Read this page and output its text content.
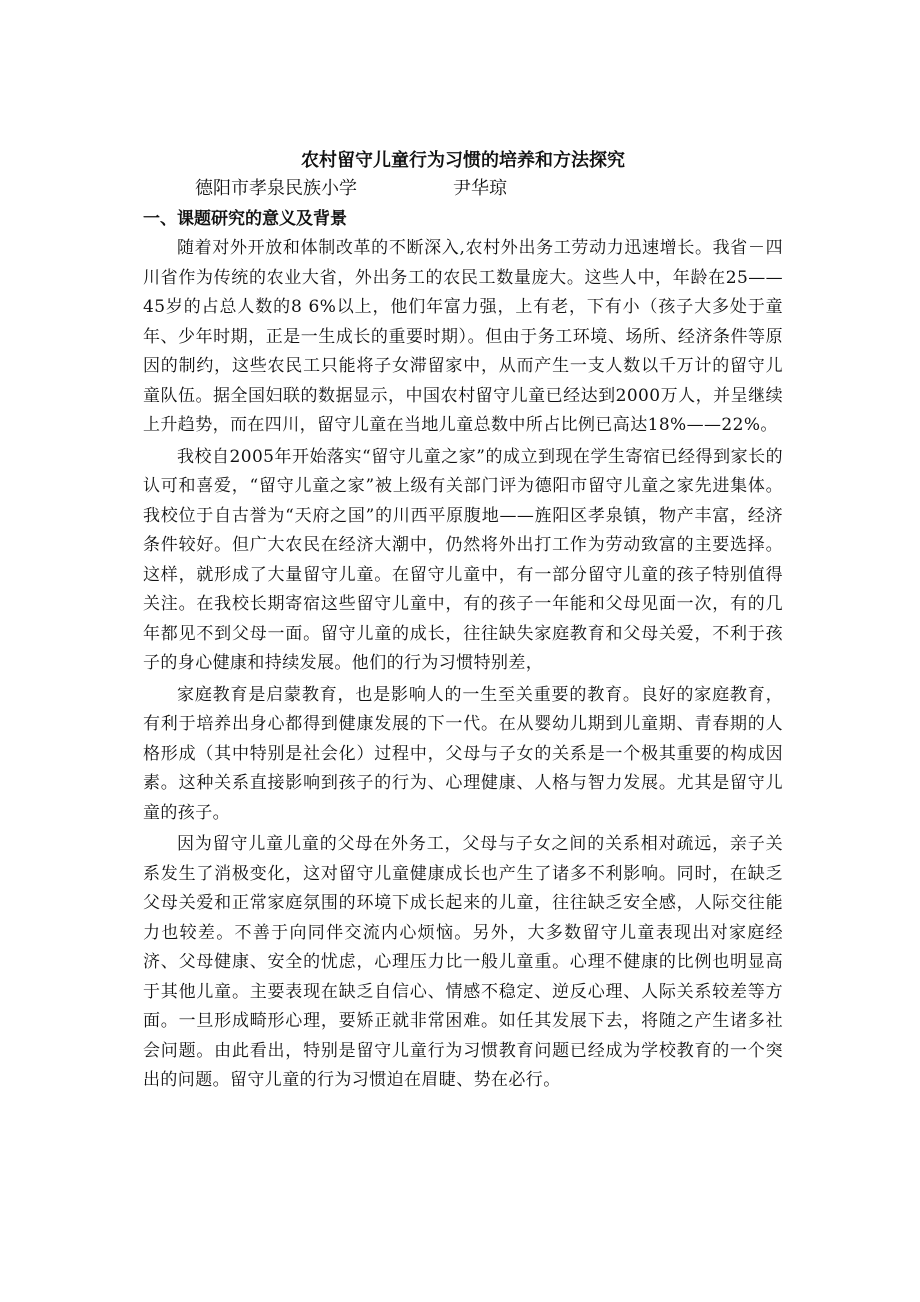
农村留守儿童行为习惯的培养和方法探究
德阳市孝泉民族小学	尹华琼
一、课题研究的意义及背景

随着对外开放和体制改革的不断深入,农村外出务工劳动力迅速增长。我省－四川省作为传统的农业大省，外出务工的农民工数量庞大。这些人中，年龄在25——45岁的占总人数的8 6%以上，他们年富力强，上有老，下有小（孩子大多处于童年、少年时期，正是一生成长的重要时期）。但由于务工环境、场所、经济条件等原因的制约，这些农民工只能将子女滞留家中，从而产生一支人数以千万计的留守儿童队伍。据全国妇联的数据显示，中国农村留守儿童已经达到2000万人，并呈继续上升趋势，而在四川，留守儿童在当地儿童总数中所占比例已高达18%——22%。

我校自2005年开始落实“留守儿童之家”的成立到现在学生寄宿已经得到家长的认可和喜爱，“留守儿童之家”被上级有关部门评为德阳市留守儿童之家先进集体。我校位于自古誉为“天府之国”的川西平原腹地——旌阳区孝泉镇，物产丰富，经济条件较好。但广大农民在经济大潮中，仍然将外出打工作为劳动致富的主要选择。这样，就形成了大量留守儿童。在留守儿童中，有一部分留守儿童的孩子特别值得关注。在我校长期寄宿这些留守儿童中，有的孩子一年能和父母见面一次，有的几年都见不到父母一面。留守儿童的成长，往往缺失家庭教育和父母关爱，不利于孩子的身心健康和持续发展。他们的行为习惯特别差，

家庭教育是启蒙教育，也是影响人的一生至关重要的教育。良好的家庭教育，有利于培养出身心都得到健康发展的下一代。在从婴幼儿期到儿童期、青春期的人格形成（其中特别是社会化）过程中，父母与子女的关系是一个极其重要的构成因素。这种关系直接影响到孩子的行为、心理健康、人格与智力发展。尤其是留守儿童的孩子。

因为留守儿童儿童的父母在外务工，父母与子女之间的关系相对疏远，亲子关系发生了消极变化，这对留守儿童健康成长也产生了诸多不利影响。同时，在缺乏父母关爱和正常家庭氛围的环境下成长起来的儿童，往往缺乏安全感，人际交往能力也较差。不善于向同伴交流内心烦恼。另外，大多数留守儿童表现出对家庭经济、父母健康、安全的忧虑，心理压力比一般儿童重。心理不健康的比例也明显高于其他儿童。主要表现在缺乏自信心、情感不稳定、逆反心理、人际关系较差等方面。一旦形成畸形心理，要矫正就非常困难。如任其发展下去，将随之产生诸多社会问题。由此看出，特别是留守儿童行为习惯教育问题已经成为学校教育的一个突出的问题。留守儿童的行为习惯迫在眉睫、势在必行。
